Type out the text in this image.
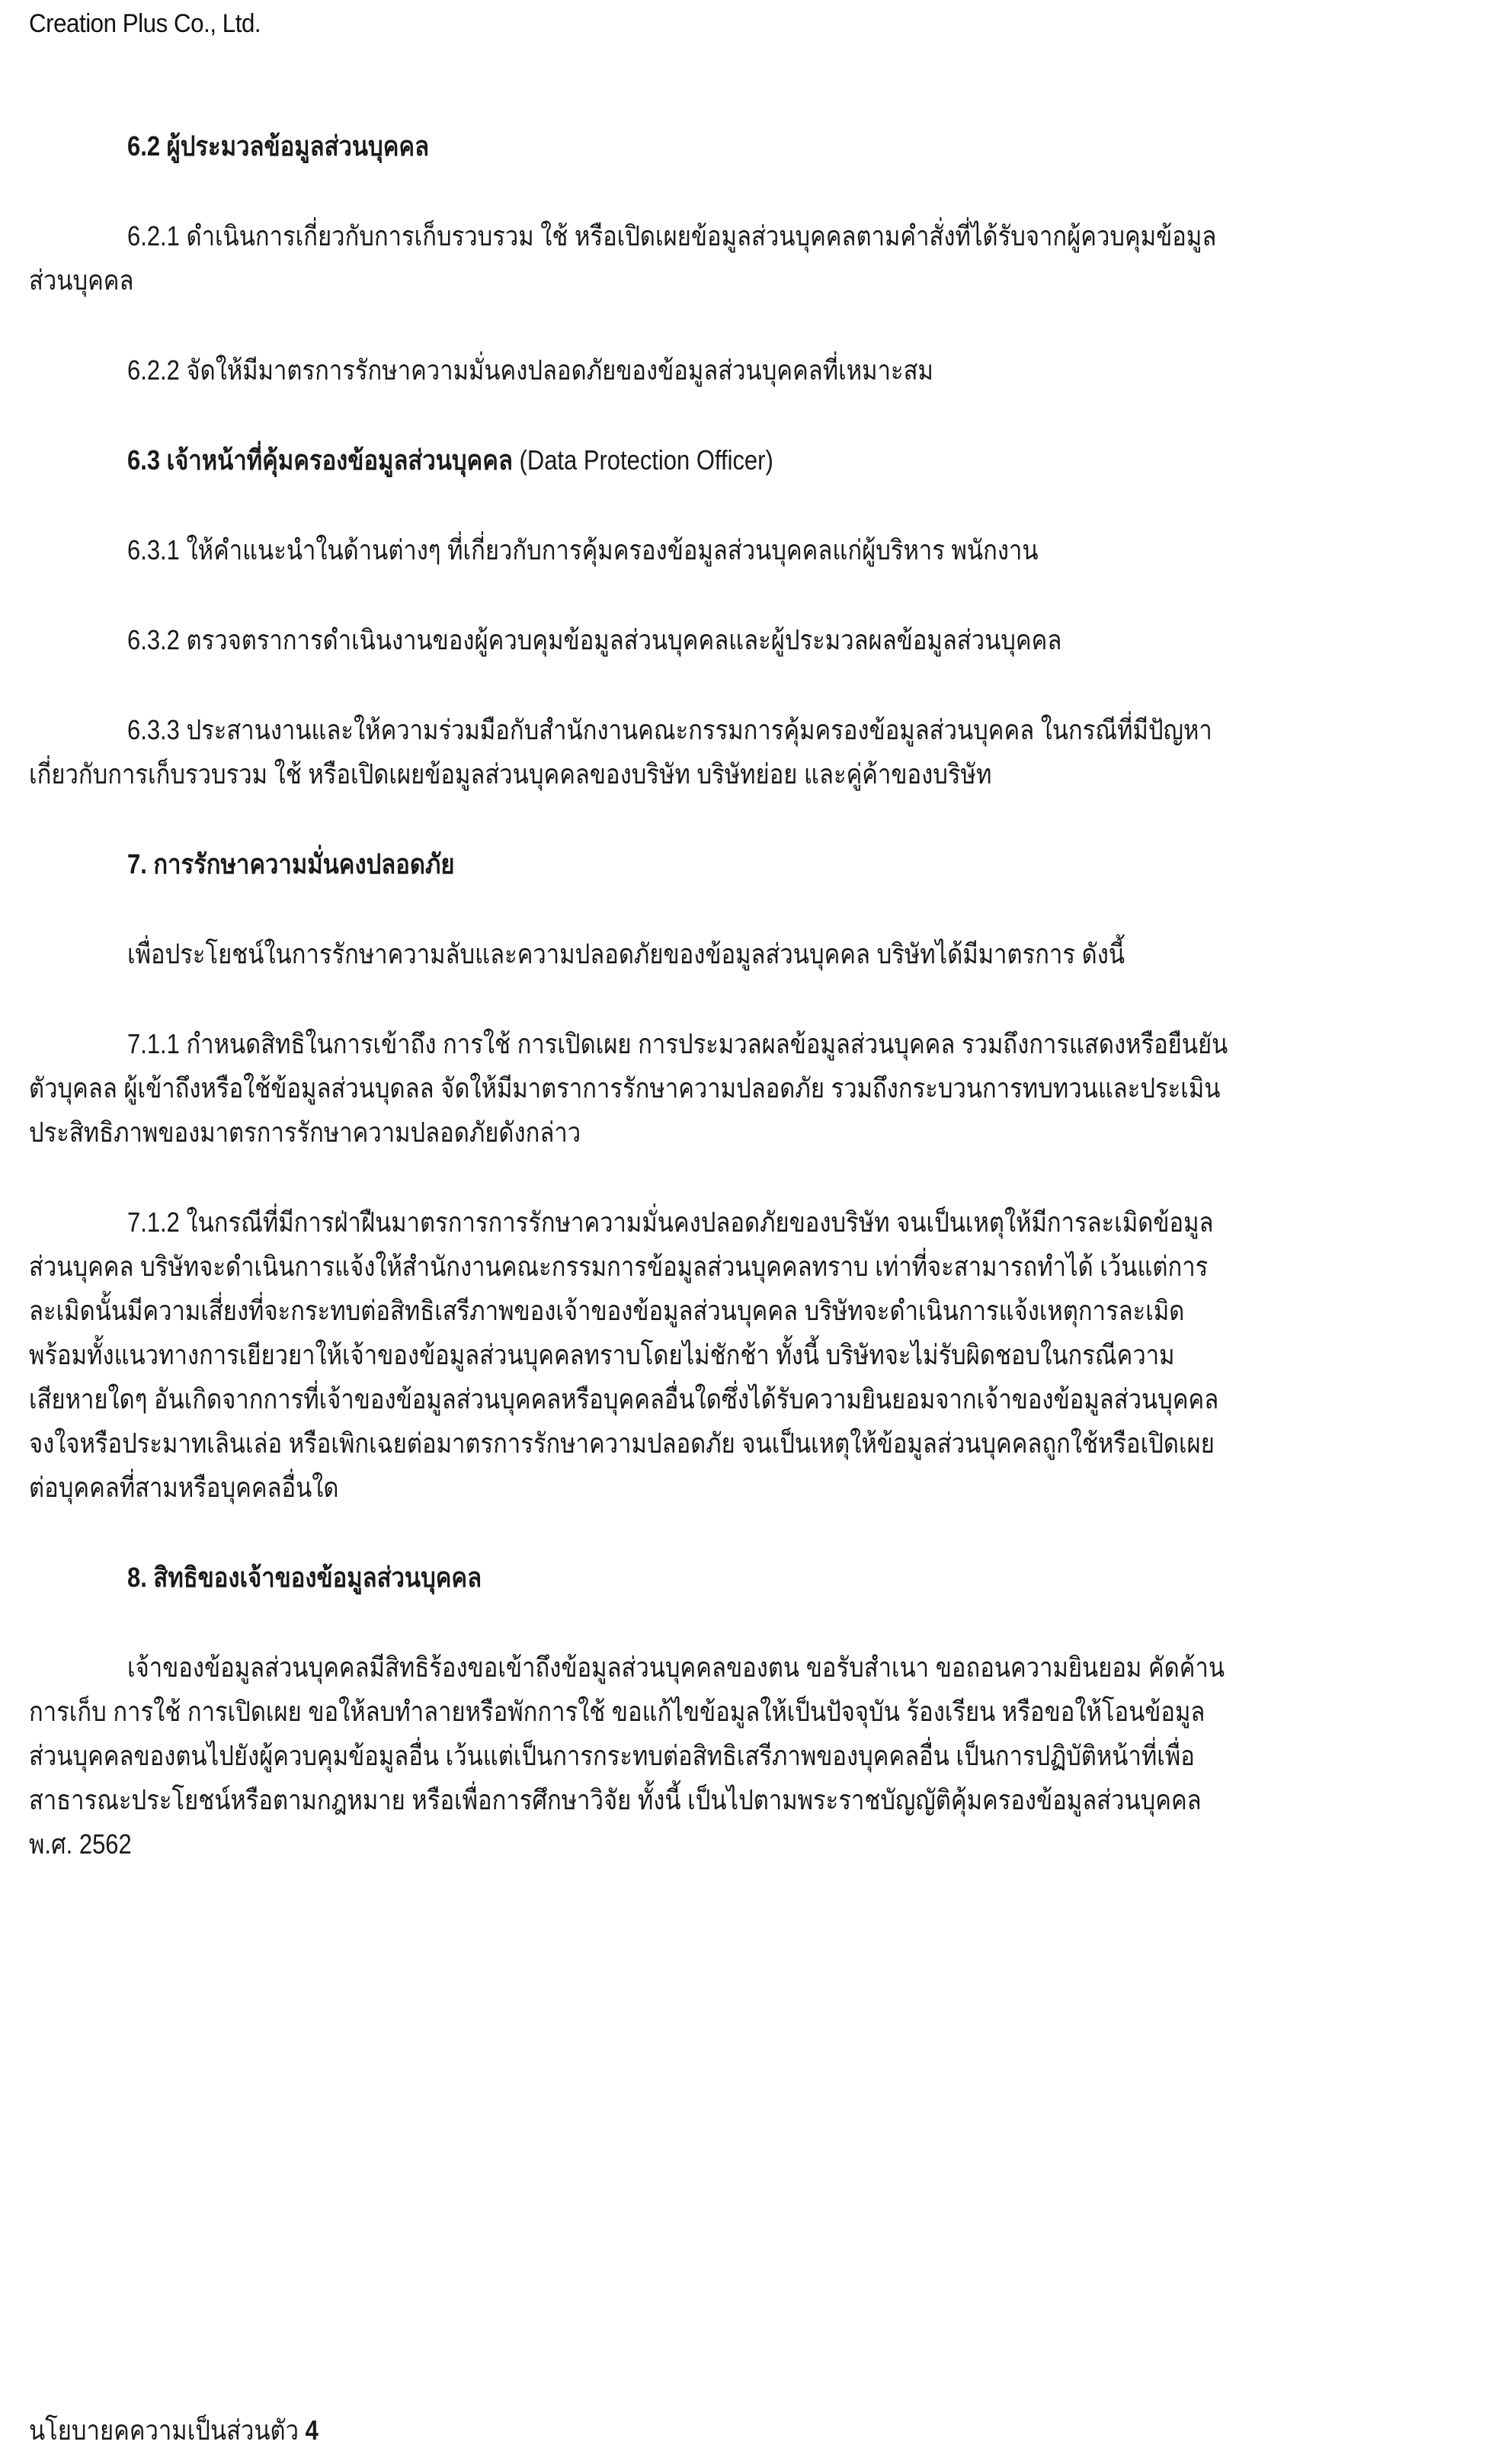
Creation Plus Co., Ltd.
6.2 ผู้ประมวลข้อมูลส่วนบุคคล
6.2.1 ดำเนินการเกี่ยวกับการเก็บรวบรวม ใช้ หรือเปิดเผยข้อมูลส่วนบุคคลตามคำสั่งที่ได้รับจากผู้ควบคุมข้อมูล
ส่วนบุคคล
6.2.2 จัดให้มีมาตรการรักษาความมั่นคงปลอดภัยของข้อมูลส่วนบุคคลที่เหมาะสม
6.3 เจ้าหน้าที่คุ้มครองข้อมูลส่วนบุคคล (Data Protection Officer)
6.3.1 ให้คำแนะนำในด้านต่างๆ ที่เกี่ยวกับการคุ้มครองข้อมูลส่วนบุคคลแก่ผู้บริหาร พนักงาน
6.3.2 ตรวจตราการดำเนินงานของผู้ควบคุมข้อมูลส่วนบุคคลและผู้ประมวลผลข้อมูลส่วนบุคคล
6.3.3 ประสานงานและให้ความร่วมมือกับสำนักงานคณะกรรมการคุ้มครองข้อมูลส่วนบุคคล ในกรณีที่มีปัญหา
เกี่ยวกับการเก็บรวบรวม ใช้ หรือเปิดเผยข้อมูลส่วนบุคคลของบริษัท บริษัทย่อย และคู่ค้าของบริษัท
7. การรักษาความมั่นคงปลอดภัย
เพื่อประโยชน์ในการรักษาความลับและความปลอดภัยของข้อมูลส่วนบุคคล บริษัทได้มีมาตรการ ดังนี้
7.1.1 กำหนดสิทธิในการเข้าถึง การใช้ การเปิดเผย การประมวลผลข้อมูลส่วนบุคคล รวมถึงการแสดงหรือยืนยัน
ตัวบุคลล ผู้เข้าถึงหรือใช้ข้อมูลส่วนบุดลล จัดให้มีมาตราการรักษาความปลอดภัย รวมถึงกระบวนการทบทวนและประเมิน
ประสิทธิภาพของมาตรการรักษาความปลอดภัยดังกล่าว
7.1.2 ในกรณีที่มีการฝ่าฝืนมาตรการการรักษาความมั่นคงปลอดภัยของบริษัท จนเป็นเหตุให้มีการละเมิดข้อมูล
ส่วนบุคคล บริษัทจะดำเนินการแจ้งให้สำนักงานคณะกรรมการข้อมูลส่วนบุคคลทราบ เท่าที่จะสามารถทำได้ เว้นแต่การ
ละเมิดนั้นมีความเสี่ยงที่จะกระทบต่อสิทธิเสรีภาพของเจ้าของข้อมูลส่วนบุคคล บริษัทจะดำเนินการแจ้งเหตุการละเมิด
พร้อมทั้งแนวทางการเยียวยาให้เจ้าของข้อมูลส่วนบุคคลทราบโดยไม่ชักช้า ทั้งนี้ บริษัทจะไม่รับผิดชอบในกรณีความ
เสียหายใดๆ อันเกิดจากการที่เจ้าของข้อมูลส่วนบุคคลหรือบุคคลอื่นใดซึ่งได้รับความยินยอมจากเจ้าของข้อมูลส่วนบุคคล
จงใจหรือประมาทเลินเล่อ หรือเพิกเฉยต่อมาตรการรักษาความปลอดภัย จนเป็นเหตุให้ข้อมูลส่วนบุคคลถูกใช้หรือเปิดเผย
ต่อบุคคลที่สามหรือบุคคลอื่นใด
8. สิทธิของเจ้าของข้อมูลส่วนบุคคล
เจ้าของข้อมูลส่วนบุคคลมีสิทธิร้องขอเข้าถึงข้อมูลส่วนบุคคลของตน ขอรับสำเนา ขอถอนความยินยอม คัดค้าน
การเก็บ การใช้ การเปิดเผย ขอให้ลบทำลายหรือพักการใช้ ขอแก้ไขข้อมูลให้เป็นปัจจุบัน ร้องเรียน หรือขอให้โอนข้อมูล
ส่วนบุคคลของตนไปยังผู้ควบคุมข้อมูลอื่น เว้นแต่เป็นการกระทบต่อสิทธิเสรีภาพของบุคคลอื่น เป็นการปฏิบัติหน้าที่เพื่อ
สาธารณะประโยชน์หรือตามกฎหมาย หรือเพื่อการศึกษาวิจัย ทั้งนี้ เป็นไปตามพระราชบัญญัติคุ้มครองข้อมูลส่วนบุคคล
พ.ศ. 2562
นโยบายคความเป็นส่วนตัว 4
